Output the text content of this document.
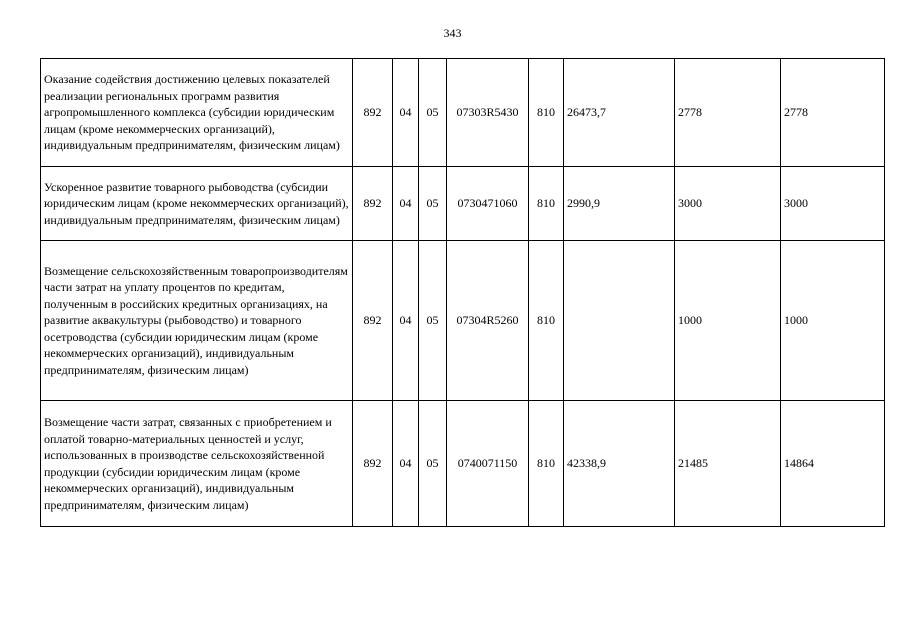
343
Оказание содействия достижению целевых показателей реализации региональных программ развития агропромышленного комплекса (субсидии юридическим лицам (кроме некоммерческих организаций), индивидуальным предпринимателям, физическим лицам)	892	04	05	07303R5430	810	26473,7	2778	2778
Ускоренное развитие товарного рыбоводства (субсидии юридическим лицам (кроме некоммерческих организаций), индивидуальным предпринимателям, физическим лицам)	892	04	05	0730471060	810	2990,9	3000	3000
Возмещение сельскохозяйственным товаропроизводителям части затрат на уплату процентов по кредитам, полученным в российских кредитных организациях, на развитие аквакультуры (рыбоводство) и товарного осетроводства (субсидии юридическим лицам (кроме некоммерческих организаций), индивидуальным предпринимателям, физическим лицам)	892	04	05	07304R5260	810		1000	1000
Возмещение части затрат, связанных с приобретением и оплатой товарно-материальных ценностей и услуг, использованных в производстве сельскохозяйственной продукции (субсидии юридическим лицам (кроме некоммерческих организаций), индивидуальным предпринимателям, физическим лицам)	892	04	05	0740071150	810	42338,9	21485	14864
